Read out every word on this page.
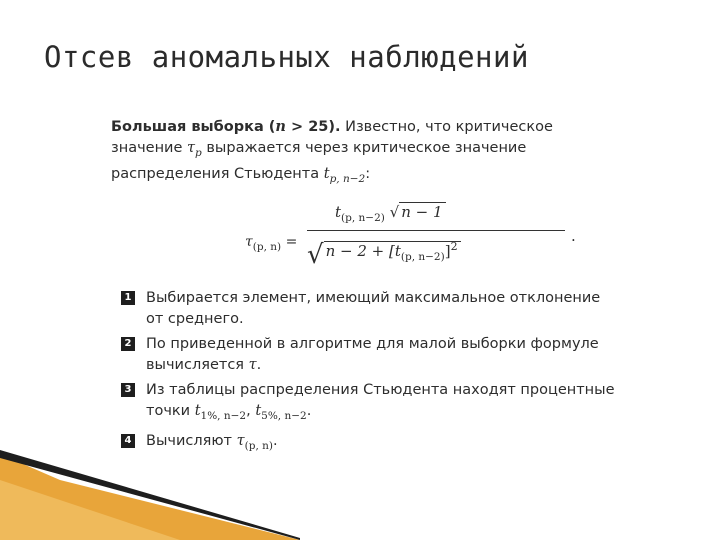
Отсев аномальных наблюдений
Большая выборка (n > 25). Известно, что критическое значение $\tau_p$ выражается через критическое значение распределения Стьюдента $t_{p, n-2}$:
$\tau_{(p, n)}$ =
$t_{(p, n-2)}$ √ n − 1
√ $n - 2 + [t_{(p, n-2)}]^2$
.
1 Выбирается элемент, имеющий максимальное отклонение от среднего.
2 По приведенной в алгоритме для малой выборки формуле вычисляется τ.
3 Из таблицы распределения Стьюдента находят процентные точки $t_{1\%, n-2}$, $t_{5\%, n-2}$.
4 Вычисляют $\tau_{(p, n)}$.
